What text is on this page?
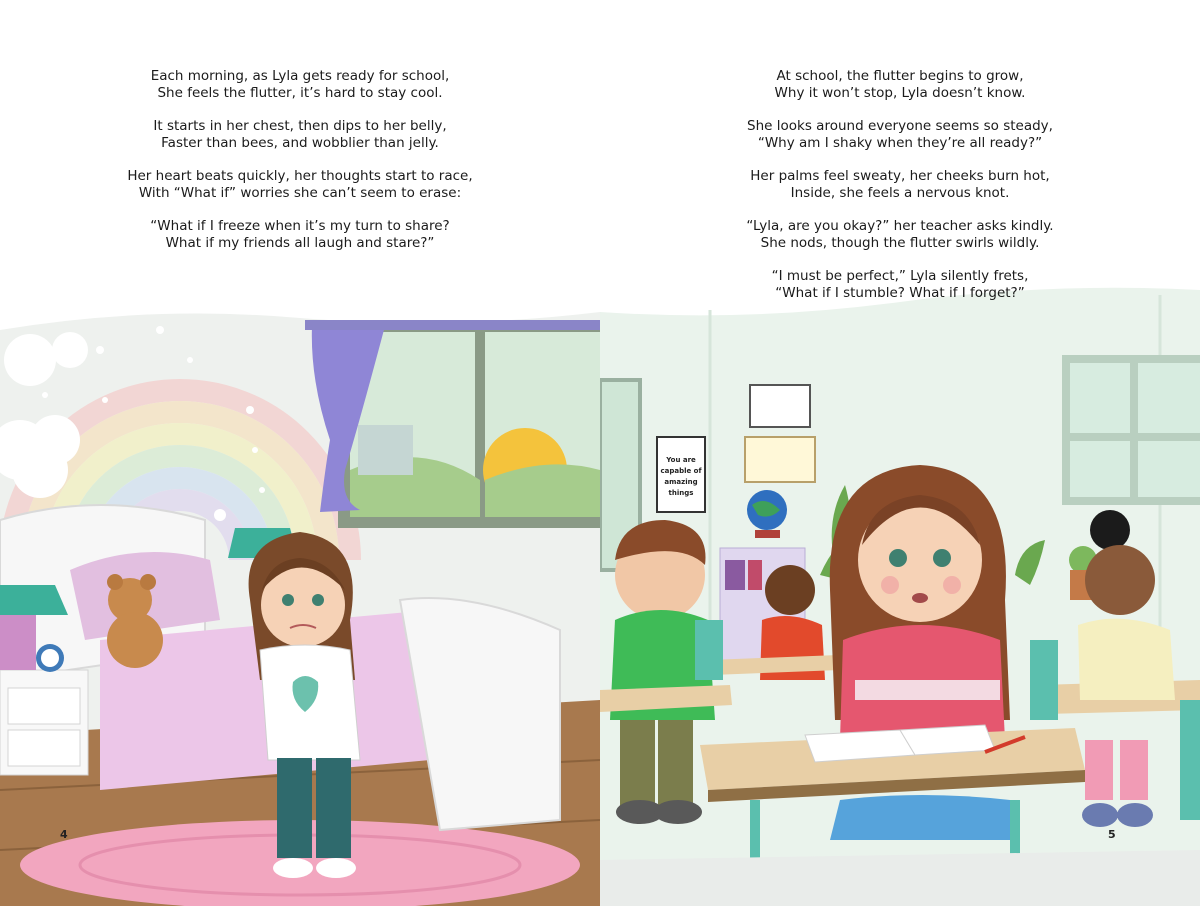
Each morning, as Lyla gets ready for school,
She feels the flutter, it’s hard to stay cool.

It starts in her chest, then dips to her belly,
Faster than bees, and wobblier than jelly.

Her heart beats quickly, her thoughts start to race,
With “What if” worries she can’t seem to erase:

“What if I freeze when it’s my turn to share?
What if my friends all laugh and stare?”

4
You are
capable of
amazing
things

At school, the flutter begins to grow,
Why it won’t stop, Lyla doesn’t know.

She looks around everyone seems so steady,
“Why am I shaky when they’re all ready?”

Her palms feel sweaty, her cheeks burn hot,
Inside, she feels a nervous knot.

“Lyla, are you okay?” her teacher asks kindly.
She nods, though the flutter swirls wildly.

“I must be perfect,” Lyla silently frets,
“What if I stumble? What if I forget?”

5
